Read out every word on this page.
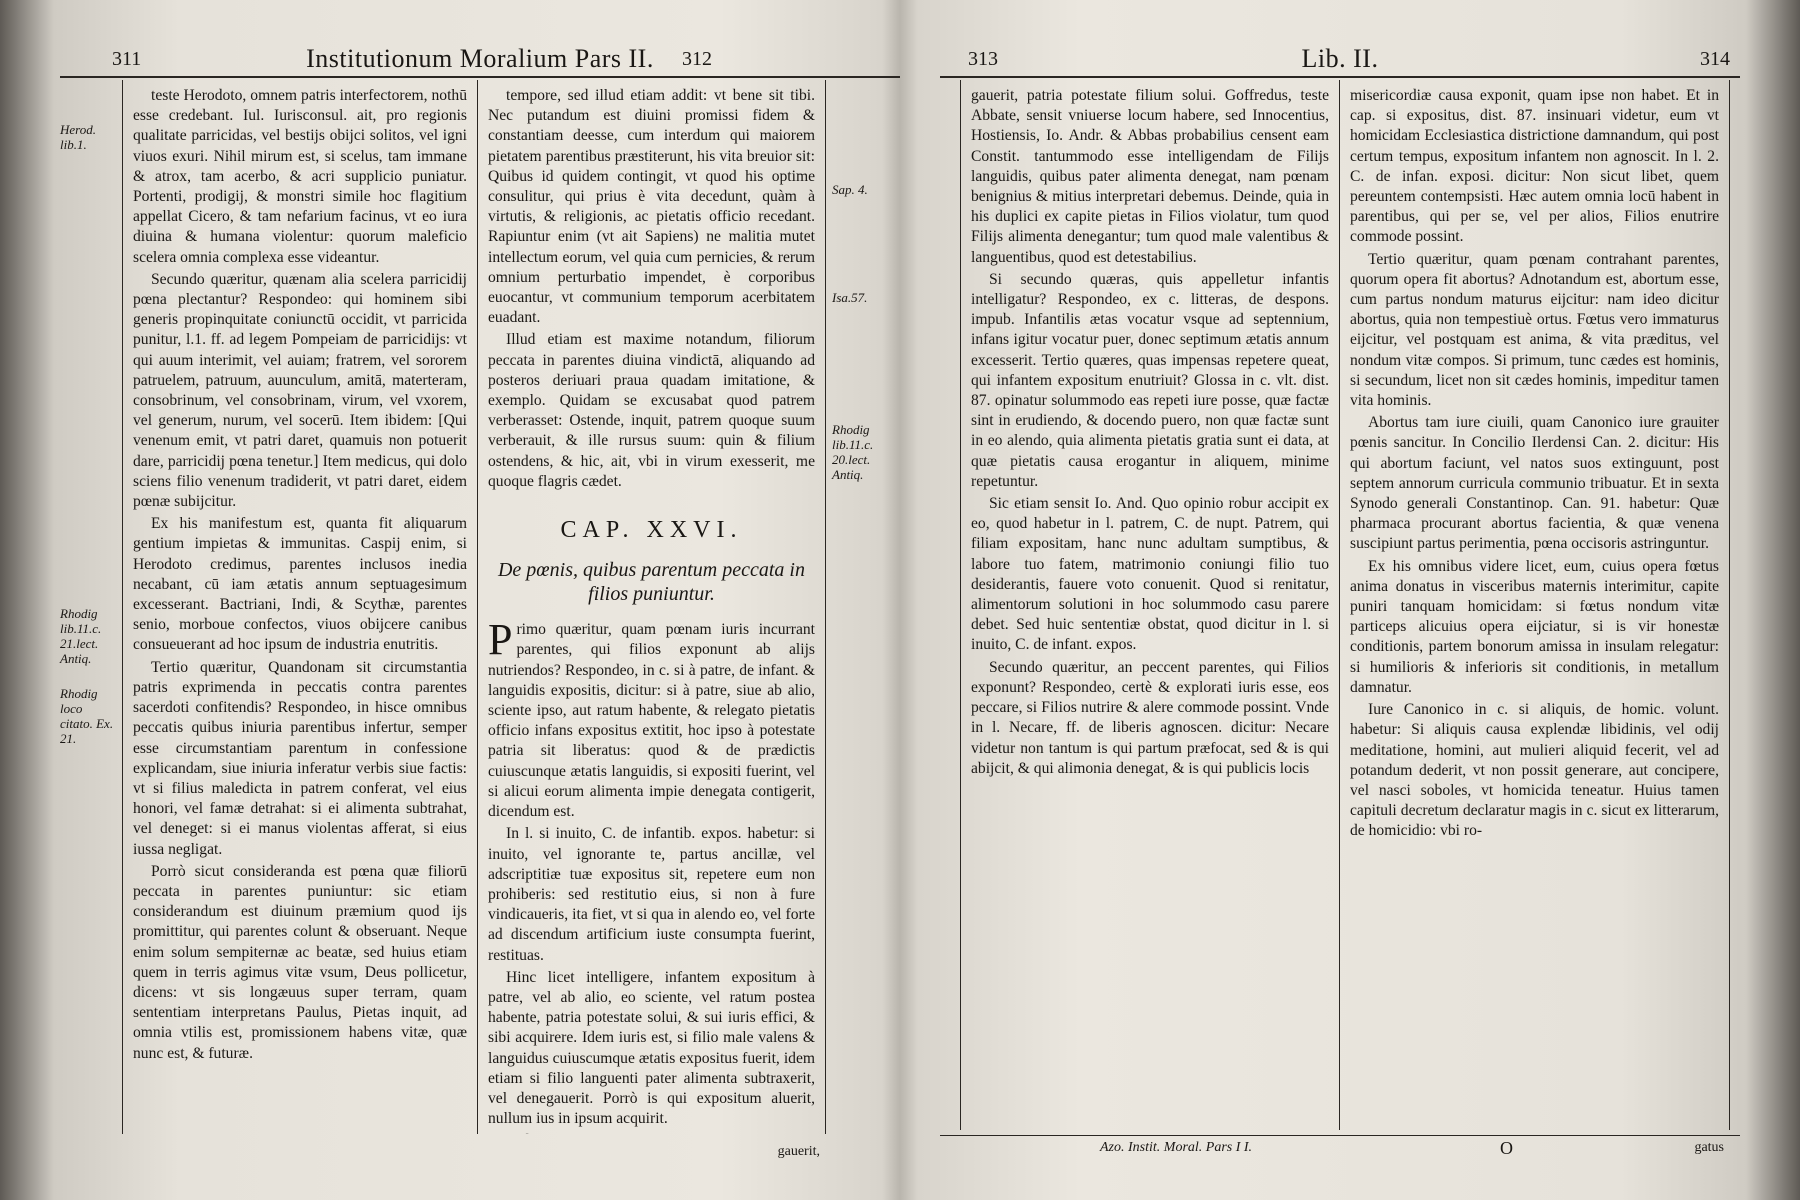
311	Institutionum Moralium Pars II.	312
Herod. lib.1.
Rhodig lib.11.c. 21.lect. Antiq.
Rhodig loco citato. Ex. 21.

teste Herodoto, omnem patris interfectorem, nothū esse credebant. Iul. Iurisconsul. ait, pro regionis qualitate parricidas, vel bestijs obijci solitos, vel igni viuos exuri. Nihil mirum est, si scelus, tam immane & atrox, tam acerbo, & acri supplicio puniatur. Portenti, prodigij, & monstri simile hoc flagitium appellat Cicero, & tam nefarium facinus, vt eo iura diuina & humana violentur: quorum maleficio scelera omnia complexa esse videantur.

Secundo quæritur, quænam alia scelera parricidij pœna plectantur? Respondeo: qui hominem sibi generis propinquitate coniunctū occidit, vt parricida punitur, l.1. ff. ad legem Pompeiam de parricidijs: vt qui auum interimit, vel auiam; fratrem, vel sororem patruelem, patruum, auunculum, amitā, materteram, consobrinum, vel consobrinam, virum, vel vxorem, vel generum, nurum, vel socerū. Item ibidem: [Qui venenum emit, vt patri daret, quamuis non potuerit dare, parricidij pœna tenetur.] Item medicus, qui dolo sciens filio venenum tradiderit, vt patri daret, eidem pœnæ subijcitur.

Ex his manifestum est, quanta fit aliquarum gentium impietas & immunitas. Caspij enim, si Herodoto credimus, parentes inclusos inedia necabant, cū iam ætatis annum septuagesimum excesserant. Bactriani, Indi, & Scythæ, parentes senio, morboue confectos, viuos obijcere canibus consueuerant ad hoc ipsum de industria enutritis.

Tertio quæritur, Quandonam sit circumstantia patris exprimenda in peccatis contra parentes sacerdoti confitendis? Respondeo, in hisce omnibus peccatis quibus iniuria parentibus infertur, semper esse circumstantiam parentum in confessione explicandam, siue iniuria inferatur verbis siue factis: vt si filius maledicta in patrem conferat, vel eius honori, vel famæ detrahat: si ei alimenta subtrahat, vel deneget: si ei manus violentas afferat, si eius iussa negligat.

Porrò sicut consideranda est pœna quæ filiorū peccata in parentes puniuntur: sic etiam considerandum est diuinum præmium quod ijs promittitur, qui parentes colunt & obseruant. Neque enim solum sempiternæ ac beatæ, sed huius etiam quem in terris agimus vitæ vsum, Deus pollicetur, dicens: vt sis longæuus super terram, quam sententiam interpretans Paulus, Pietas inquit, ad omnia vtilis est, promissionem habens vitæ, quæ nunc est, & futuræ.

tempore, sed illud etiam addit: vt bene sit tibi. Nec putandum est diuini promissi fidem & constantiam deesse, cum interdum qui maiorem pietatem parentibus præstiterunt, his vita breuior sit: Quibus id quidem contingit, vt quod his optime consulitur, qui prius è vita decedunt, quàm à virtutis, & religionis, ac pietatis officio recedant. Rapiuntur enim (vt ait Sapiens) ne malitia mutet intellectum eorum, vel quia cum pernicies, & rerum omnium perturbatio impendet, è corporibus euocantur, vt communium temporum acerbitatem euadant.

Illud etiam est maxime notandum, filiorum peccata in parentes diuina vindictā, aliquando ad posteros deriuari praua quadam imitatione, & exemplo. Quidam se excusabat quod patrem verberasset: Ostende, inquit, patrem quoque suum verberauit, & ille rursus suum: quin & filium ostendens, & hic, ait, vbi in virum exesserit, me quoque flagris cædet.

CAP. XXVI.
De pœnis, quibus parentum peccata in filios puniuntur.

Primo quæritur, quam pœnam iuris incurrant parentes, qui filios exponunt ab alijs nutriendos? Respondeo, in c. si à patre, de infant. & languidis expositis, dicitur: si à patre, siue ab alio, sciente ipso, aut ratum habente, & relegato pietatis officio infans expositus extitit, hoc ipso à potestate patria sit liberatus: quod & de prædictis cuiuscunque ætatis languidis, si expositi fuerint, vel si alicui eorum alimenta impie denegata contigerit, dicendum est.

In l. si inuito, C. de infantib. expos. habetur: si inuito, vel ignorante te, partus ancillæ, vel adscriptitiæ tuæ expositus sit, repetere eum non prohiberis: sed restitutio eius, si non à fure vindicaueris, ita fiet, vt si qua in alendo eo, vel forte ad discendum artificium iuste consumpta fuerint, restituas.

Hinc licet intelligere, infantem expositum à patre, vel ab alio, eo sciente, vel ratum postea habente, patria potestate solui, & sui iuris effici, & sibi acquirere. Idem iuris est, si filio male valens & languidus cuiuscumque ætatis expositus fuerit, idem etiam si filio languenti pater alimenta subtraxerit, vel denegauerit. Porrò is qui expositum aluerit, nullum ius in ipsum acquirit.

Sap. 4.
Isa.57.
Rhodig lib.11.c. 20.lect. Antiq.
gauerit,
313	Lib. II.	314

gauerit, patria potestate filium solui. Goffredus, teste Abbate, sensit vniuerse locum habere, sed Innocentius, Hostiensis, Io. Andr. & Abbas probabilius censent eam Constit. tantummodo esse intelligendam de Filijs languidis, quibus pater alimenta denegat, nam pœnam benignius & mitius interpretari debemus. Deinde, quia in his duplici ex capite pietas in Filios violatur, tum quod Filijs alimenta denegantur; tum quod male valentibus & languentibus, quod est detestabilius.

Si secundo quæras, quis appelletur infantis intelligatur? Respondeo, ex c. litteras, de despons. impub. Infantilis ætas vocatur vsque ad septennium, infans igitur vocatur puer, donec septimum ætatis annum excesserit. Tertio quæres, quas impensas repetere queat, qui infantem expositum enutriuit? Glossa in c. vlt. dist. 87. opinatur solummodo eas repeti iure posse, quæ factæ sint in erudiendo, & docendo puero, non quæ factæ sunt in eo alendo, quia alimenta pietatis gratia sunt ei data, at quæ pietatis causa erogantur in aliquem, minime repetuntur.

Sic etiam sensit Io. And. Quo opinio robur accipit ex eo, quod habetur in l. patrem, C. de nupt. Patrem, qui filiam expositam, hanc nunc adultam sumptibus, & labore tuo fatem, matrimonio coniungi filio tuo desiderantis, fauere voto conuenit. Quod si renitatur, alimentorum solutioni in hoc solummodo casu parere debet. Sed huic sententiæ obstat, quod dicitur in l. si inuito, C. de infant. expos.

Secundo quæritur, an peccent parentes, qui Filios exponunt? Respondeo, certè & explorati iuris esse, eos peccare, si Filios nutrire & alere commode possint. Vnde in l. Necare, ff. de liberis agnoscen. dicitur: Necare videtur non tantum is qui partum præfocat, sed & is qui abijcit, & qui alimonia denegat, & is qui publicis locis

misericordiæ causa exponit, quam ipse non habet. Et in cap. si expositus, dist. 87. insinuari videtur, eum vt homicidam Ecclesiastica districtione damnandum, qui post certum tempus, expositum infantem non agnoscit. In l. 2. C. de infan. exposi. dicitur: Non sicut libet, quem pereuntem contempsisti. Hæc autem omnia locū habent in parentibus, qui per se, vel per alios, Filios enutrire commode possint.

Tertio quæritur, quam pœnam contrahant parentes, quorum opera fit abortus? Adnotandum est, abortum esse, cum partus nondum maturus eijcitur: nam ideo dicitur abortus, quia non tempestiuè ortus. Fœtus vero immaturus eijcitur, vel postquam est anima, & vita præditus, vel nondum vitæ compos. Si primum, tunc cædes est hominis, si secundum, licet non sit cædes hominis, impeditur tamen vita hominis.

Abortus tam iure ciuili, quam Canonico iure grauiter pœnis sancitur. In Concilio Ilerdensi Can. 2. dicitur: His qui abortum faciunt, vel natos suos extinguunt, post septem annorum curricula communio tribuatur. Et in sexta Synodo generali Constantinop. Can. 91. habetur: Quæ pharmaca procurant abortus facientia, & quæ venena suscipiunt partus perimentia, pœna occisoris astringuntur.

Ex his omnibus videre licet, eum, cuius opera fœtus anima donatus in visceribus maternis interimitur, capite puniri tanquam homicidam: si fœtus nondum vitæ particeps alicuius opera eijciatur, si is vir honestæ conditionis, partem bonorum amissa in insulam relegatur: si humilioris & inferioris sit conditionis, in metallum damnatur.

Iure Canonico in c. si aliquis, de homic. volunt. habetur: Si aliquis causa explendæ libidinis, vel odij meditatione, homini, aut mulieri aliquid fecerit, vel ad potandum dederit, vt non possit generare, aut concipere, vel nasci soboles, vt homicida teneatur. Huius tamen capituli decretum declaratur magis in c. sicut ex litterarum, de homicidio: vbi ro-

Azo. Instit. Moral. Pars I I.	O	gatus
